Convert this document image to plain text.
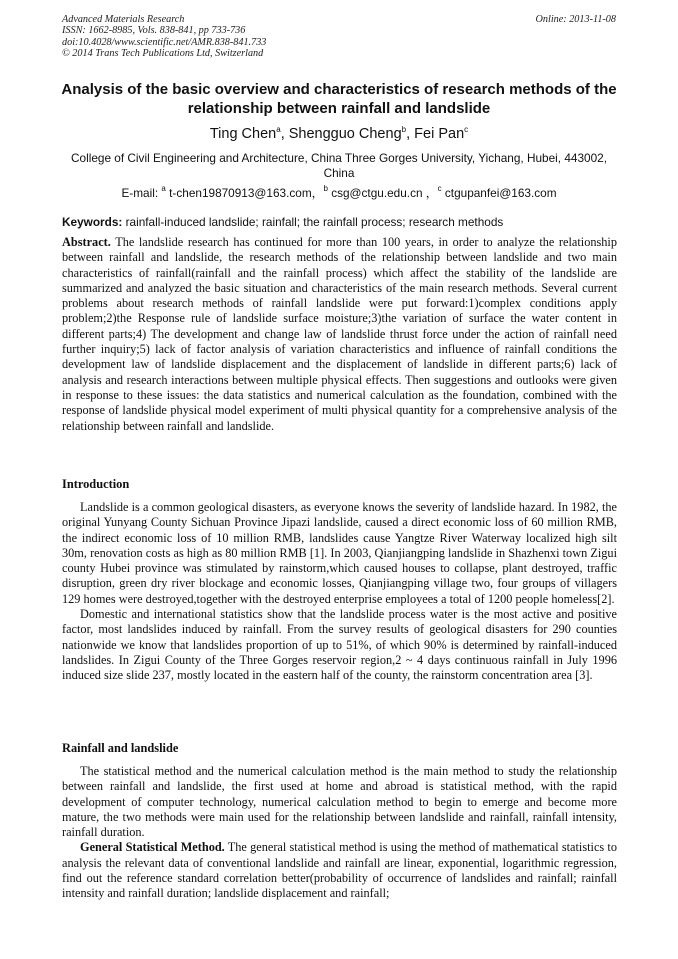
Advanced Materials Research
ISSN: 1662-8985, Vols. 838-841, pp 733-736
doi:10.4028/www.scientific.net/AMR.838-841.733
© 2014 Trans Tech Publications Ltd, Switzerland
Online: 2013-11-08
Analysis of the basic overview and characteristics of research methods of the relationship between rainfall and landslide
Ting Chen$^a$, Shengguo Cheng$^b$, Fei Pan$^c$
College of Civil Engineering and Architecture, China Three Gorges University, Yichang, Hubei, 443002, China
E-mail: $^a$ t-chen19870913@163.com，$^b$ csg@ctgu.edu.cn ，$^c$ ctgupanfei@163.com
Keywords: rainfall-induced landslide; rainfall; the rainfall process; research methods

Abstract. The landslide research has continued for more than 100 years, in order to analyze the relationship between rainfall and landslide, the research methods of the relationship between landslide and two main characteristics of rainfall(rainfall and the rainfall process) which affect the stability of the landslide are summarized and analyzed the basic situation and characteristics of the main research methods. Several current problems about research methods of rainfall landslide were put forward:1)complex conditions apply problem;2)the Response rule of landslide surface moisture;3)the variation of surface the water content in different parts;4) The development and change law of landslide thrust force under the action of rainfall need further inquiry;5) lack of factor analysis of variation characteristics and influence of rainfall conditions the development law of landslide displacement and the displacement of landslide in different parts;6) lack of analysis and research interactions between multiple physical effects. Then suggestions and outlooks were given in response to these issues: the data statistics and numerical calculation as the foundation, combined with the response of landslide physical model experiment of multi physical quantity for a comprehensive analysis of the relationship between rainfall and landslide.

Introduction

Landslide is a common geological disasters, as everyone knows the severity of landslide hazard. In 1982, the original Yunyang County Sichuan Province Jipazi landslide, caused a direct economic loss of 60 million RMB, the indirect economic loss of 10 million RMB, landslides cause Yangtze River Waterway localized high silt 30m, renovation costs as high as 80 million RMB [1]. In 2003, Qianjiangping landslide in Shazhenxi town Zigui county Hubei province was stimulated by rainstorm,which caused houses to collapse, plant destroyed, traffic disruption, green dry river blockage and economic losses, Qianjiangping village two, four groups of villagers 129 homes were destroyed,together with the destroyed enterprise employees a total of 1200 people homeless[2].

Domestic and international statistics show that the landslide process water is the most active and positive factor, most landslides induced by rainfall. From the survey results of geological disasters for 290 counties nationwide we know that landslides proportion of up to 51%, of which 90% is determined by rainfall-induced landslides. In Zigui County of the Three Gorges reservoir region,2 ~ 4 days continuous rainfall in July 1996 induced size slide 237, mostly located in the eastern half of the county, the rainstorm concentration area [3].

Rainfall and landslide

The statistical method and the numerical calculation method is the main method to study the relationship between rainfall and landslide, the first used at home and abroad is statistical method, with the rapid development of computer technology, numerical calculation method to begin to emerge and become more mature, the two methods were main used for the relationship between landslide and rainfall, rainfall intensity, rainfall duration.

General Statistical Method. The general statistical method is using the method of mathematical statistics to analysis the relevant data of conventional landslide and rainfall are linear, exponential, logarithmic regression, find out the reference standard correlation better(probability of occurrence of landslides and rainfall; rainfall intensity and rainfall duration; landslide displacement and rainfall;
